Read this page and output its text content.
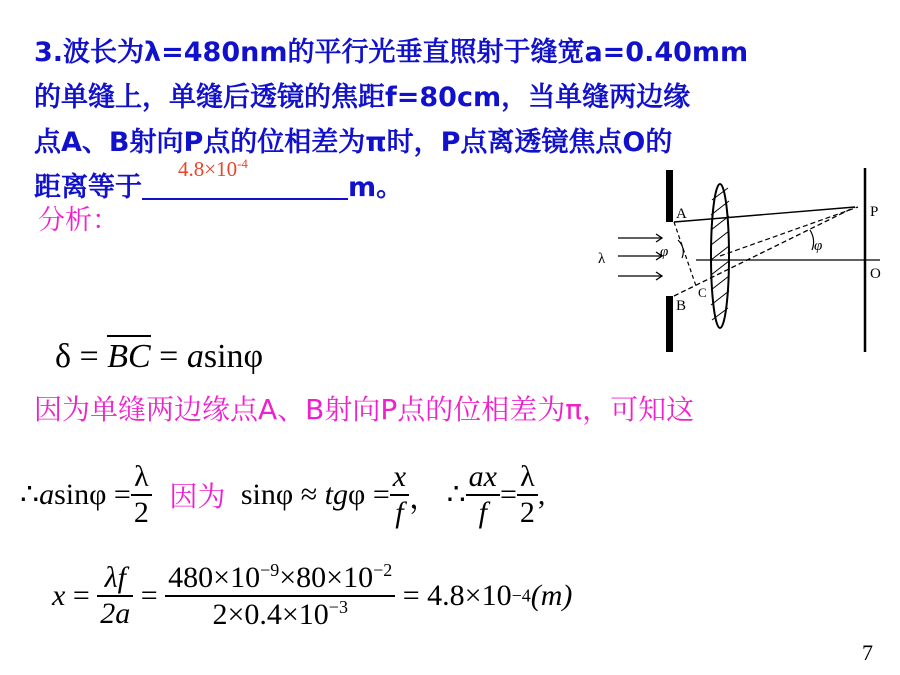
3.波长为λ=480nm的平行光垂直照射于缝宽a=0.40mm
的单缝上，单缝后透镜的焦距f=80cm，当单缝两边缘
点A、B射向P点的位相差为π时，P点离透镜焦点O的
距离等于
$4.8\times 10^{-4}$
m。
分析：	A
B
C
P
O
λ	φ	φ
δ = BC = asinφ
因为单缝两边缘点A、B射向P点的位相差为π，可知这
∴asinφ = $\frac{\lambda}{2}$ 因为 $\sin\varphi \approx tg\varphi = \frac{x}{f}$ ， ∴ $\frac{ax}{f} = \frac{\lambda}{2}$ ,
$x = \frac{\lambda f}{2a} = \frac{480\times 10^{-9}\times 80\times 10^{-2}}{2\times 0.4\times 10^{-3}} = 4.8\times 10-4(m)$
7
